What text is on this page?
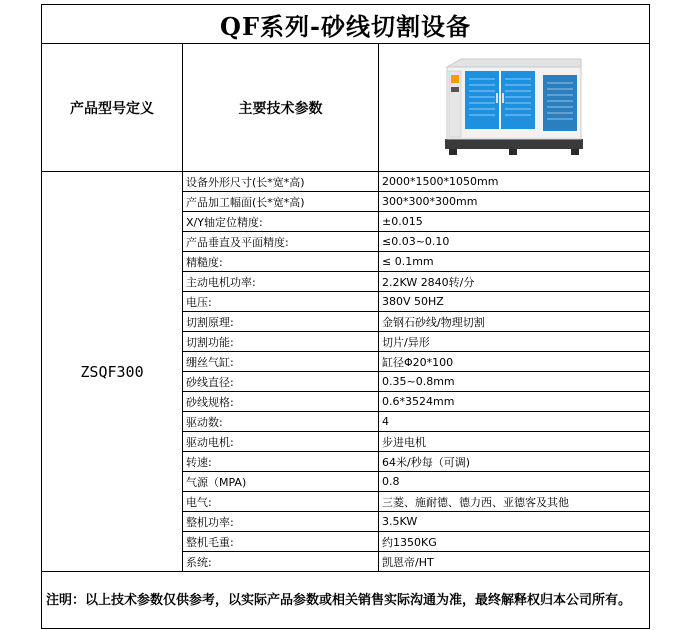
QF系列-砂线切割设备		
产品型号定义	主要技术参数	

ZSQF300	设备外形尺寸(长*宽*高)	2000*1500*1050mm
	产品加工幅面(长*宽*高)	300*300*300mm
	X/Y轴定位精度:	±0.015
	产品垂直及平面精度:	≤0.03~0.10
	精糙度:	≤ 0.1mm
	主动电机功率:	2.2KW 2840转/分
	电压:	380V 50HZ
	切割原理:	金钢石砂线/物理切割
	切割功能:	切片/异形
	绷丝气缸:	缸径Φ20*100
	砂线直径:	0.35~0.8mm
	砂线规格:	0.6*3524mm
	驱动数:	4
	驱动电机:	步进电机
	转速:	64米/秒每（可调)
	气源（MPA)	0.8
	电气:	三菱、施耐德、德力西、亚德客及其他
	整机功率:	3.5KW
	整机毛重:	约1350KG
	系统:	凯恩帝/HT
注明：以上技术参数仅供参考，以实际产品参数或相关销售实际沟通为准，最终解释权归本公司所有。		
